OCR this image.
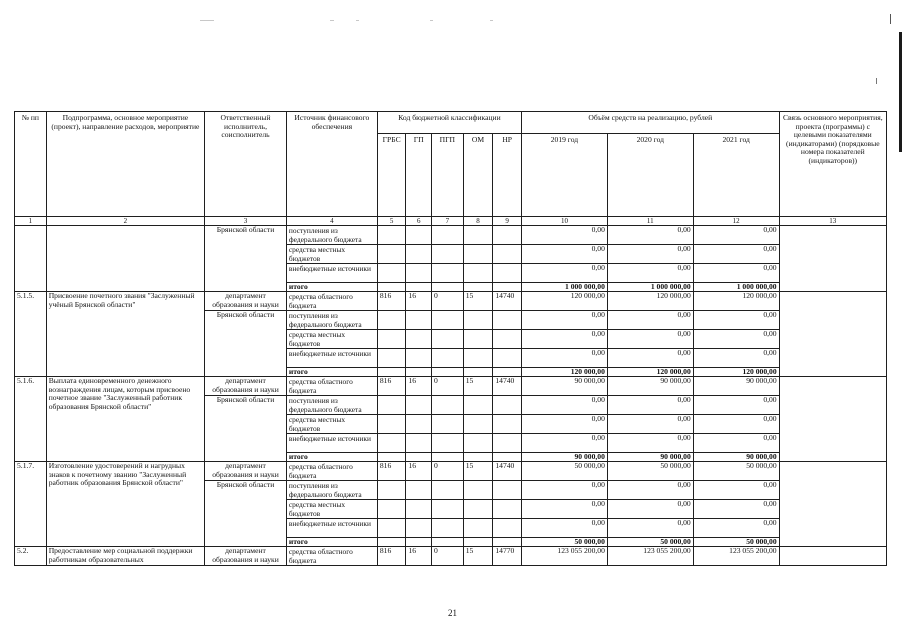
№ пп	Подпрограмма, основное мероприятие (проект), направление расходов, мероприятие	Ответственный исполнитель, соисполнитель	Источник финансового обеспечения	Код бюджетной классификации					Объём средств на реализацию, рублей			Связь основного мероприятия, проекта (программы) с целевыми показателями (индикаторами) (порядковые номера показателей (индикаторов))
				ГРБС	ГП	ПГП	ОМ	НР	2019 год	2020 год	2021 год	
1	2	3	4	5	6	7	8	9	10	11	12	13
		Брянской области	поступления из федерального бюджета						0,00	0,00	0,00	
			средства местных бюджетов						0,00	0,00	0,00	
			внебюджетные источники						0,00	0,00	0,00	
			итого						1 000 000,00	1 000 000,00	1 000 000,00	
5.1.5.	Присвоение почетного звания "Заслуженный учёный Брянской области"	департамент образования и науки	средства областного бюджета	816	16	0	15	14740	120 000,00	120 000,00	120 000,00	
		Брянской области	поступления из федерального бюджета						0,00	0,00	0,00	
			средства местных бюджетов						0,00	0,00	0,00	
			внебюджетные источники						0,00	0,00	0,00	
			итого						120 000,00	120 000,00	120 000,00	
5.1.6.	Выплата единовременного денежного вознаграждения лицам, которым присвоено почетное звание "Заслуженный работник образования Брянской области"	департамент образования и науки	средства областного бюджета	816	16	0	15	14740	90 000,00	90 000,00	90 000,00	
		Брянской области	поступления из федерального бюджета						0,00	0,00	0,00	
			средства местных бюджетов						0,00	0,00	0,00	
			внебюджетные источники						0,00	0,00	0,00	
			итого						90 000,00	90 000,00	90 000,00	
5.1.7.	Изготовление удостоверений и нагрудных знаков к почетному званию "Заслуженный работник образования Брянской области"	департамент образования и науки	средства областного бюджета	816	16	0	15	14740	50 000,00	50 000,00	50 000,00	
		Брянской области	поступления из федерального бюджета						0,00	0,00	0,00	
			средства местных бюджетов						0,00	0,00	0,00	
			внебюджетные источники						0,00	0,00	0,00	
			итого						50 000,00	50 000,00	50 000,00	
5.2.	Предоставление мер социальной поддержки работникам образовательных	департамент образования и науки	средства областного бюджета	816	16	0	15	14770	123 055 200,00	123 055 200,00	123 055 200,00	
21
